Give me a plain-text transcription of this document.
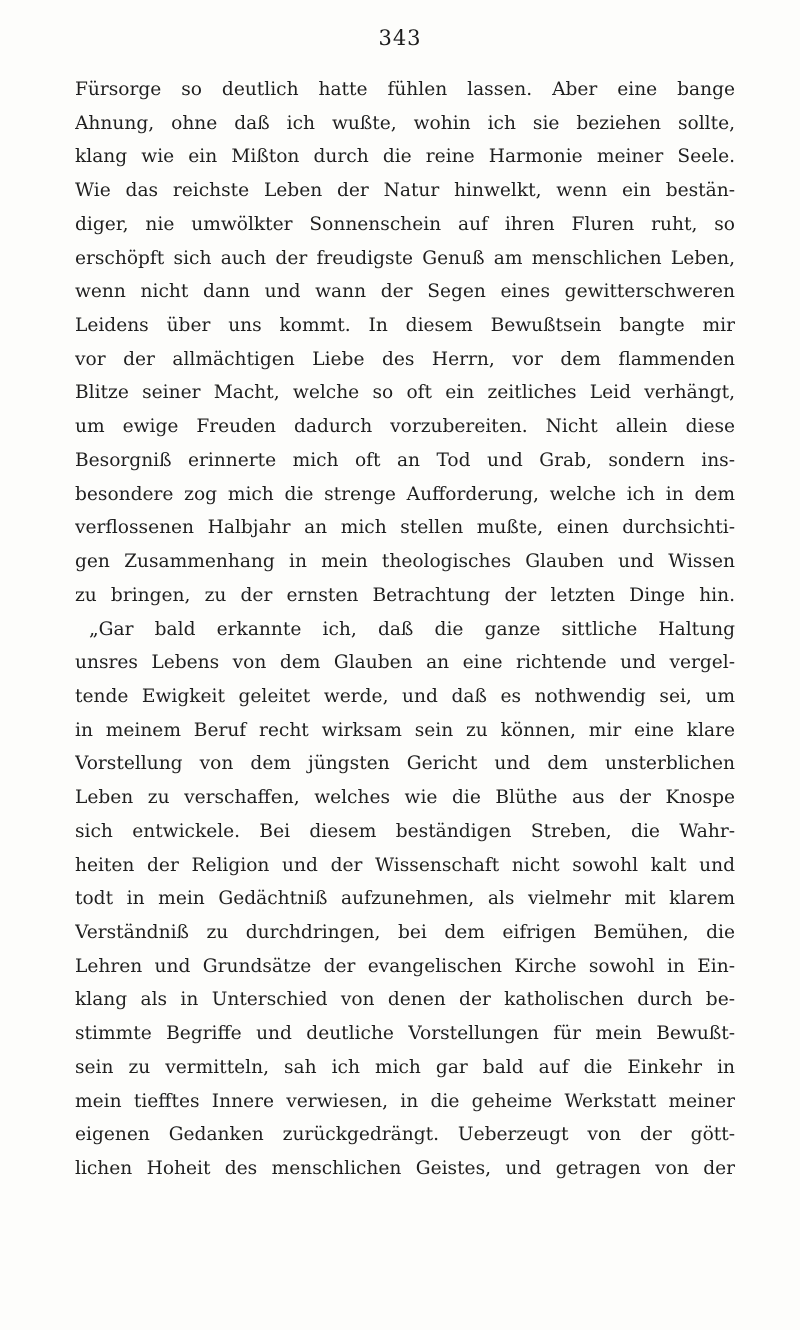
343
Fürsorge so deutlich hatte fühlen lassen. Aber eine bange
Ahnung, ohne daß ich wußte, wohin ich sie beziehen sollte,
klang wie ein Mißton durch die reine Harmonie meiner Seele.
Wie das reichste Leben der Natur hinwelkt, wenn ein bestän-
diger, nie umwölkter Sonnenschein auf ihren Fluren ruht, so
erschöpft sich auch der freudigste Genuß am menschlichen Leben,
wenn nicht dann und wann der Segen eines gewitterschweren
Leidens über uns kommt. In diesem Bewußtsein bangte mir
vor der allmächtigen Liebe des Herrn, vor dem flammenden
Blitze seiner Macht, welche so oft ein zeitliches Leid verhängt,
um ewige Freuden dadurch vorzubereiten. Nicht allein diese
Besorgniß erinnerte mich oft an Tod und Grab, sondern ins-
besondere zog mich die strenge Aufforderung, welche ich in dem
verflossenen Halbjahr an mich stellen mußte, einen durchsichti-
gen Zusammenhang in mein theologisches Glauben und Wissen
zu bringen, zu der ernsten Betrachtung der letzten Dinge hin.
„Gar bald erkannte ich, daß die ganze sittliche Haltung
unsres Lebens von dem Glauben an eine richtende und vergel-
tende Ewigkeit geleitet werde, und daß es nothwendig sei, um
in meinem Beruf recht wirksam sein zu können, mir eine klare
Vorstellung von dem jüngsten Gericht und dem unsterblichen
Leben zu verschaffen, welches wie die Blüthe aus der Knospe
sich entwickele. Bei diesem beständigen Streben, die Wahr-
heiten der Religion und der Wissenschaft nicht sowohl kalt und
todt in mein Gedächtniß aufzunehmen, als vielmehr mit klarem
Verständniß zu durchdringen, bei dem eifrigen Bemühen, die
Lehren und Grundsätze der evangelischen Kirche sowohl in Ein-
klang als in Unterschied von denen der katholischen durch be-
stimmte Begriffe und deutliche Vorstellungen für mein Bewußt-
sein zu vermitteln, sah ich mich gar bald auf die Einkehr in
mein tiefftes Innere verwiesen, in die geheime Werkstatt meiner
eigenen Gedanken zurückgedrängt. Ueberzeugt von der gött-
lichen Hoheit des menschlichen Geistes, und getragen von der
